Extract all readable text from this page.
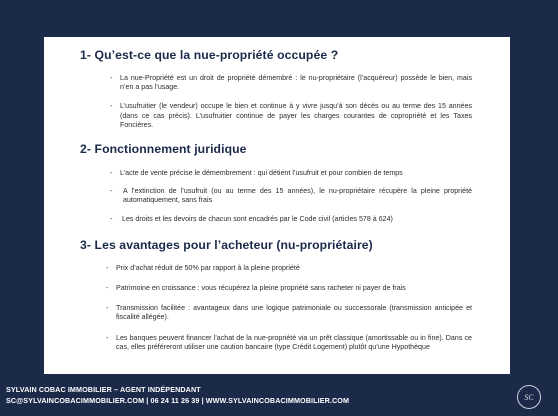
1- Qu’est-ce que la nue-propriété occupée ?
- La nue-Propriété est un droit de propriété démembré : le nu-propriétaire (l’acquéreur) possède le bien, mais n’en a pas l’usage.
- L’usufruitier (le vendeur) occupe le bien et continue à y vivre jusqu’à son décès ou au terme des 15 années (dans ce cas précis). L’usufruitier continue de payer les charges courantes de copropriété et les Taxes Foncières.
2- Fonctionnement juridique
- L’acte de vente précise le démembrement : qui détient l’usufruit et pour combien de temps
- A l’extinction de l’usufruit (ou au terme des 15 années), le nu-propriétaire récupère la pleine propriété automatiquement, sans frais
- Les droits et les devoirs de chacun sont encadrés par le Code civil (articles 578 à 624)
3- Les avantages pour l’acheteur (nu-propriétaire)
- Prix d’achat réduit de 50% par rapport à la pleine propriété
- Patrimoine en croissance : vous récupérez la pleine propriété sans racheter ni payer de frais
- Transmission facilitée : avantageux dans une logique patrimoniale ou successorale (transmission anticipée et fiscalité allégée).
- Les banques peuvent financer l’achat de la nue-propriété via un prêt classique (amortissable ou in fine). Dans ce cas, elles préféreront utiliser une caution bancaire (type Crédit Logement) plutôt qu’une Hypothèque
SYLVAIN COBAC IMMOBILIER – AGENT INDÉPENDANT
SC@SYLVAINCOBACIMMOBILIER.COM | 06 24 11 26 39 | WWW.SYLVAINCOBACIMMOBILIER.COM	SC
